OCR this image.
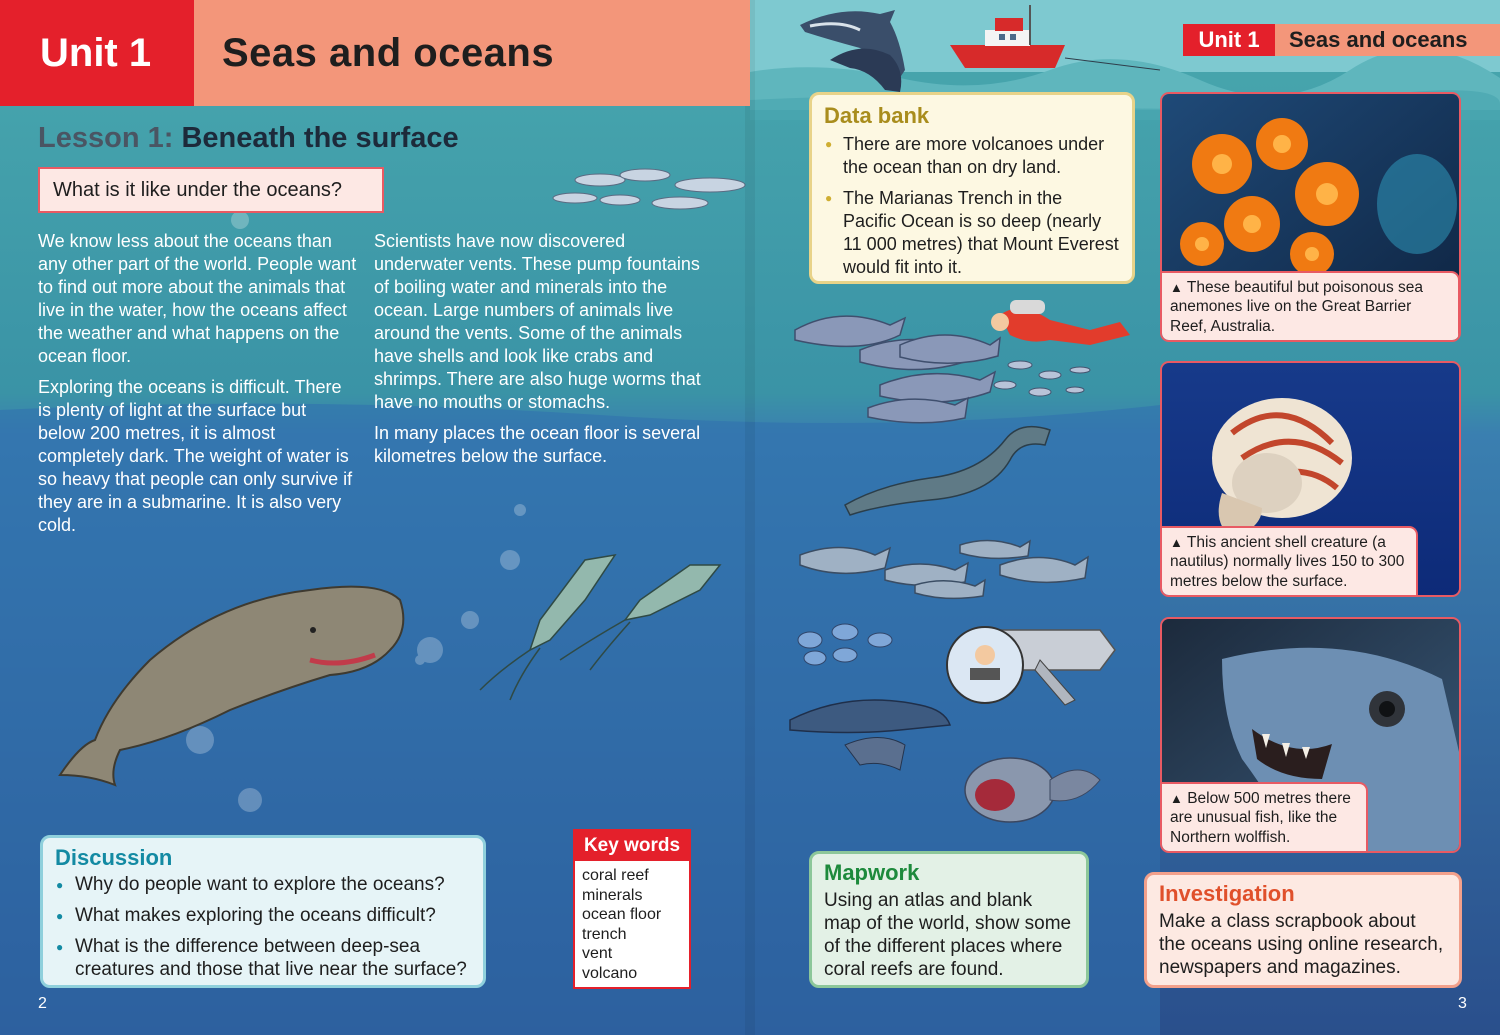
Unit 1	Seas and oceans	Unit 1	Seas and oceans
Lesson 1: Beneath the surface
What is it like under the oceans?

We know less about the oceans than any other part of the world. People want to find out more about the animals that live in the water, how the oceans affect the weather and what happens on the ocean floor.

Exploring the oceans is difficult. There is plenty of light at the surface but below 200 metres, it is almost completely dark. The weight of water is so heavy that people can only survive if they are in a submarine. It is also very cold.

Scientists have now discovered underwater vents. These pump fountains of boiling water and minerals into the ocean. Large numbers of animals live around the vents. Some of the animals have shells and look like crabs and shrimps. There are also huge worms that have no mouths or stomachs.

In many places the ocean floor is several kilometres below the surface.

Data bank
● There are more volcanoes under the ocean than on dry land.
● The Marianas Trench in the Pacific Ocean is so deep (nearly 11 000 metres) that Mount Everest would fit into it.
▲ These beautiful but poisonous sea anemones live on the Great Barrier Reef, Australia.
▲ This ancient shell creature (a nautilus) normally lives 150 to 300 metres below the surface.
▲ Below 500 metres there are unusual fish, like the Northern wolffish.
Discussion
● Why do people want to explore the oceans?
● What makes exploring the oceans difficult?
● What is the difference between deep-sea creatures and those that live near the surface?
Key words
coral reef
minerals
ocean floor
trench
vent
volcano
Mapwork
Using an atlas and blank map of the world, show some of the different places where coral reefs are found.
Investigation
Make a class scrapbook about the oceans using online research, newspapers and magazines.
2	3
